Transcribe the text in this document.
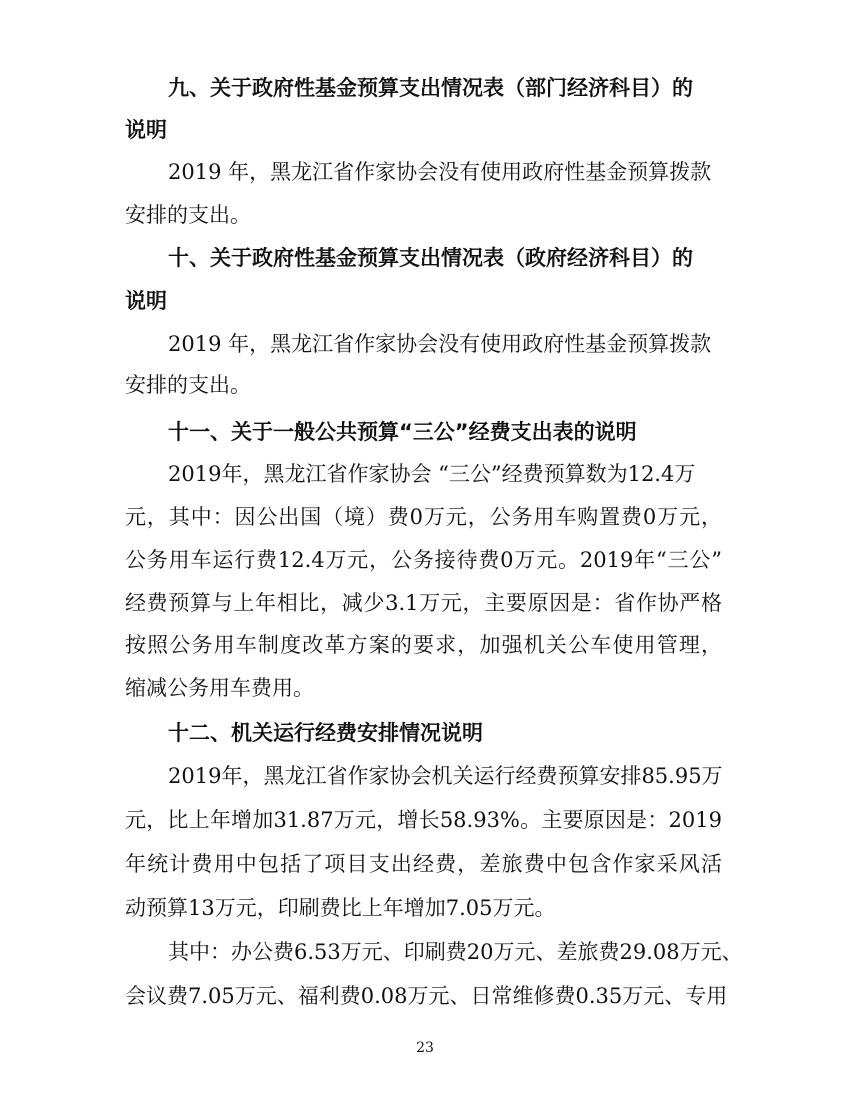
九、关于政府性基金预算支出情况表（部门经济科目）的
说明
2019 年，黑龙江省作家协会没有使用政府性基金预算拨款
安排的支出。
十、关于政府性基金预算支出情况表（政府经济科目）的
说明
2019 年，黑龙江省作家协会没有使用政府性基金预算拨款
安排的支出。
十一、关于一般公共预算“三公”经费支出表的说明
2019年，黑龙江省作家协会 “三公”经费预算数为12.4万
元，其中：因公出国（境）费0万元，公务用车购置费0万元，
公务用车运行费12.4万元，公务接待费0万元。2019年“三公”
经费预算与上年相比，减少3.1万元，主要原因是：省作协严格
按照公务用车制度改革方案的要求，加强机关公车使用管理，
缩减公务用车费用。
十二、机关运行经费安排情况说明
2019年，黑龙江省作家协会机关运行经费预算安排85.95万
元，比上年增加31.87万元，增长58.93%。主要原因是：2019
年统计费用中包括了项目支出经费，差旅费中包含作家采风活
动预算13万元，印刷费比上年增加7.05万元。
其中：办公费6.53万元、印刷费20万元、差旅费29.08万元、
会议费7.05万元、福利费0.08万元、日常维修费0.35万元、专用
23
